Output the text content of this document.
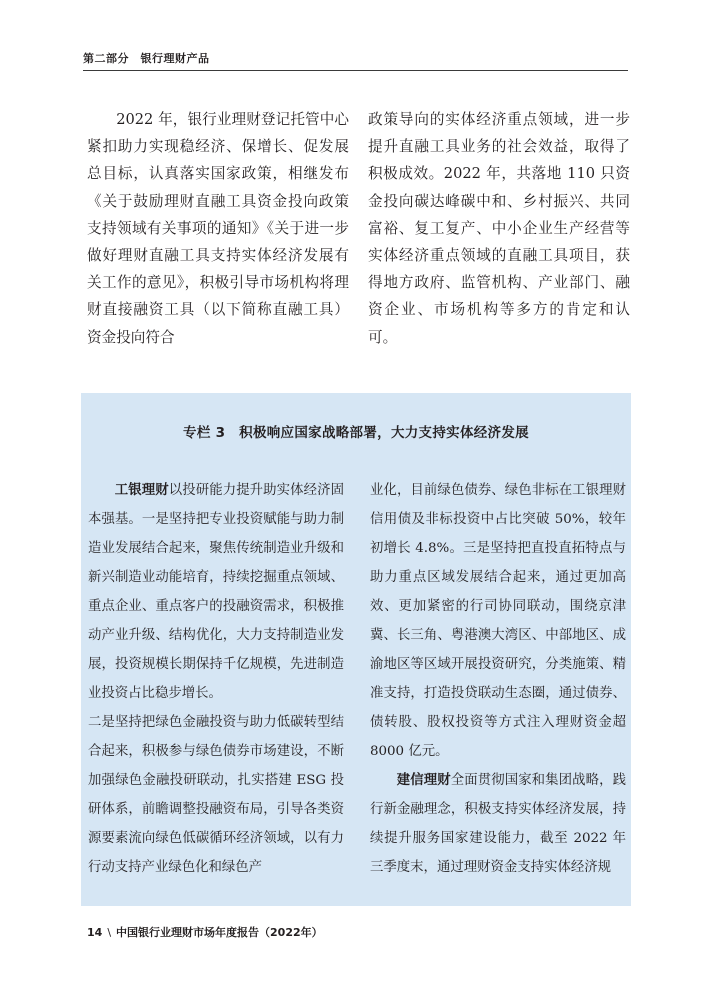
第二部分　银行理财产品
2022 年，银行业理财登记托管中心紧扣助力实现稳经济、保增长、促发展总目标，认真落实国家政策，相继发布《关于鼓励理财直融工具资金投向政策支持领域有关事项的通知》《关于进一步做好理财直融工具支持实体经济发展有关工作的意见》，积极引导市场机构将理财直接融资工具（以下简称直融工具）资金投向符合
政策导向的实体经济重点领域，进一步提升直融工具业务的社会效益，取得了积极成效。2022 年，共落地 110 只资金投向碳达峰碳中和、乡村振兴、共同富裕、复工复产、中小企业生产经营等实体经济重点领域的直融工具项目，获得地方政府、监管机构、产业部门、融资企业、市场机构等多方的肯定和认可。
专栏 3　积极响应国家战略部署，大力支持实体经济发展

工银理财以投研能力提升助实体经济固本强基。一是坚持把专业投资赋能与助力制造业发展结合起来，聚焦传统制造业升级和新兴制造业动能培育，持续挖掘重点领域、重点企业、重点客户的投融资需求，积极推动产业升级、结构优化，大力支持制造业发展，投资规模长期保持千亿规模，先进制造业投资占比稳步增长。

二是坚持把绿色金融投资与助力低碳转型结合起来，积极参与绿色债券市场建设，不断加强绿色金融投研联动，扎实搭建 ESG 投研体系，前瞻调整投融资布局，引导各类资源要素流向绿色低碳循环经济领域，以有力行动支持产业绿色化和绿色产

业化，目前绿色债券、绿色非标在工银理财信用债及非标投资中占比突破 50%，较年初增长 4.8%。三是坚持把直投直拓特点与助力重点区域发展结合起来，通过更加高效、更加紧密的行司协同联动，围绕京津冀、长三角、粤港澳大湾区、中部地区、成渝地区等区域开展投资研究，分类施策、精准支持，打造投贷联动生态圈，通过债券、债转股、股权投资等方式注入理财资金超 8000 亿元。

建信理财全面贯彻国家和集团战略，践行新金融理念，积极支持实体经济发展，持续提升服务国家建设能力，截至 2022 年三季度末，通过理财资金支持实体经济规

14 \ 中国银行业理财市场年度报告（2022年）
